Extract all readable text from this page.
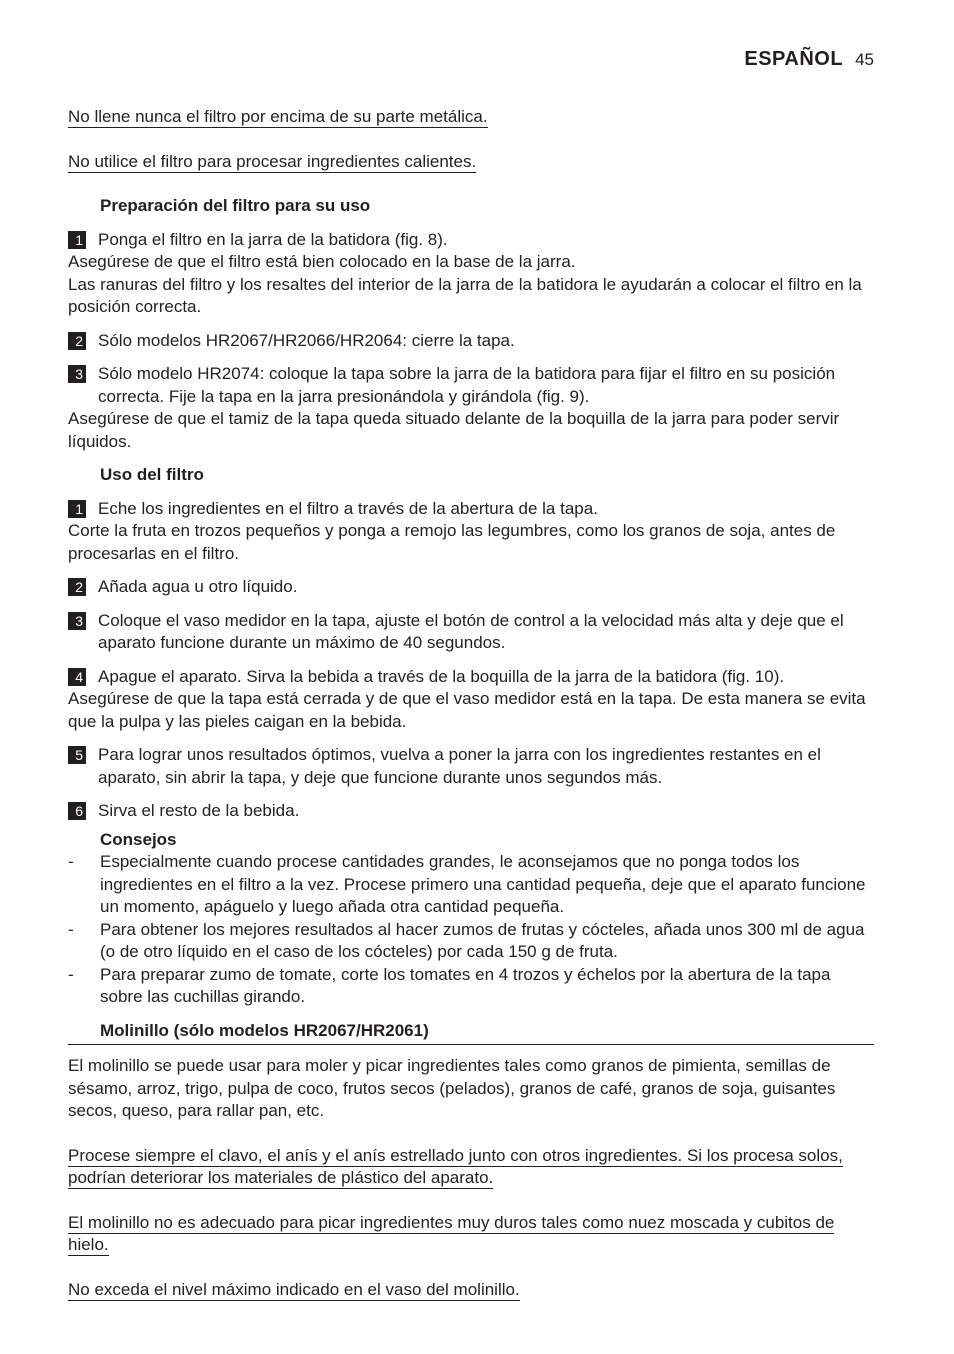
ESPAÑOL 45

No llene nunca el filtro por encima de su parte metálica.

No utilice el filtro para procesar ingredientes calientes.

Preparación del filtro para su uso

1 Ponga el filtro en la jarra de la batidora (fig. 8).

Asegúrese de que el filtro está bien colocado en la base de la jarra.

Las ranuras del filtro y los resaltes del interior de la jarra de la batidora le ayudarán a colocar el filtro en la posición correcta.

2 Sólo modelos HR2067/HR2066/HR2064: cierre la tapa.
3 Sólo modelo HR2074: coloque la tapa sobre la jarra de la batidora para fijar el filtro en su posición correcta. Fije la tapa en la jarra presionándola y girándola (fig. 9).

Asegúrese de que el tamiz de la tapa queda situado delante de la boquilla de la jarra para poder servir líquidos.

Uso del filtro

1 Eche los ingredientes en el filtro a través de la abertura de la tapa.

Corte la fruta en trozos pequeños y ponga a remojo las legumbres, como los granos de soja, antes de procesarlas en el filtro.

2 Añada agua u otro líquido.
3 Coloque el vaso medidor en la tapa, ajuste el botón de control a la velocidad más alta y deje que el aparato funcione durante un máximo de 40 segundos.
4 Apague el aparato. Sirva la bebida a través de la boquilla de la jarra de la batidora (fig. 10).

Asegúrese de que la tapa está cerrada y de que el vaso medidor está en la tapa. De esta manera se evita que la pulpa y las pieles caigan en la bebida.

5 Para lograr unos resultados óptimos, vuelva a poner la jarra con los ingredientes restantes en el aparato, sin abrir la tapa, y deje que funcione durante unos segundos más.
6 Sirva el resto de la bebida.

Consejos

-	Especialmente cuando procese cantidades grandes, le aconsejamos que no ponga todos los ingredientes en el filtro a la vez. Procese primero una cantidad pequeña, deje que el aparato funcione un momento, apáguelo y luego añada otra cantidad pequeña.
-	Para obtener los mejores resultados al hacer zumos de frutas y cócteles, añada unos 300 ml de agua (o de otro líquido en el caso de los cócteles) por cada 150 g de fruta.
-	Para preparar zumo de tomate, corte los tomates en 4 trozos y échelos por la abertura de la tapa sobre las cuchillas girando.

Molinillo (sólo modelos HR2067/HR2061)

El molinillo se puede usar para moler y picar ingredientes tales como granos de pimienta, semillas de sésamo, arroz, trigo, pulpa de coco, frutos secos (pelados), granos de café, granos de soja, guisantes secos, queso, para rallar pan, etc.

Procese siempre el clavo, el anís y el anís estrellado junto con otros ingredientes. Si los procesa solos, podrían deteriorar los materiales de plástico del aparato.

El molinillo no es adecuado para picar ingredientes muy duros tales como nuez moscada y cubitos de hielo.

No exceda el nivel máximo indicado en el vaso del molinillo.
